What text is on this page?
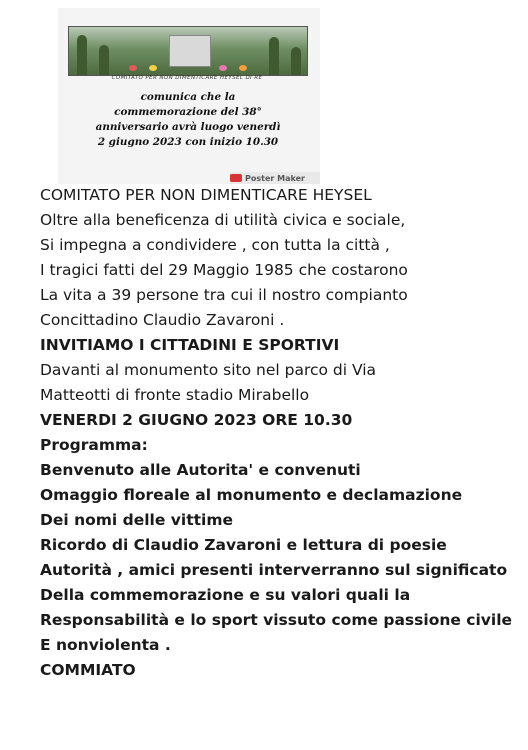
COMITATO PER NON DIMENTICARE HEYSEL DI RE

comunica che la
commemorazione del 38°
anniversario avrà luogo venerdì
2 giugno 2023 con inizio 10.30

Poster Maker
COMITATO PER NON DIMENTICARE HEYSEL
Oltre alla beneficenza di utilità civica e sociale,
Si impegna a condividere , con tutta la città ,
I tragici fatti del 29 Maggio 1985 che costarono
La vita a 39 persone tra cui il nostro compianto
Concittadino Claudio Zavaroni .
INVITIAMO I CITTADINI E SPORTIVI
Davanti al monumento sito nel parco di Via
Matteotti di fronte stadio Mirabello
VENERDI 2 GIUGNO 2023 ORE 10.30
Programma:
Benvenuto alle Autorita' e convenuti
Omaggio floreale al monumento e declamazione
Dei nomi delle vittime
Ricordo di Claudio Zavaroni e lettura di poesie
Autorità , amici presenti interverranno sul significato
Della commemorazione e su valori quali la
Responsabilità e lo sport vissuto come passione civile
E nonviolenta .
COMMIATO
